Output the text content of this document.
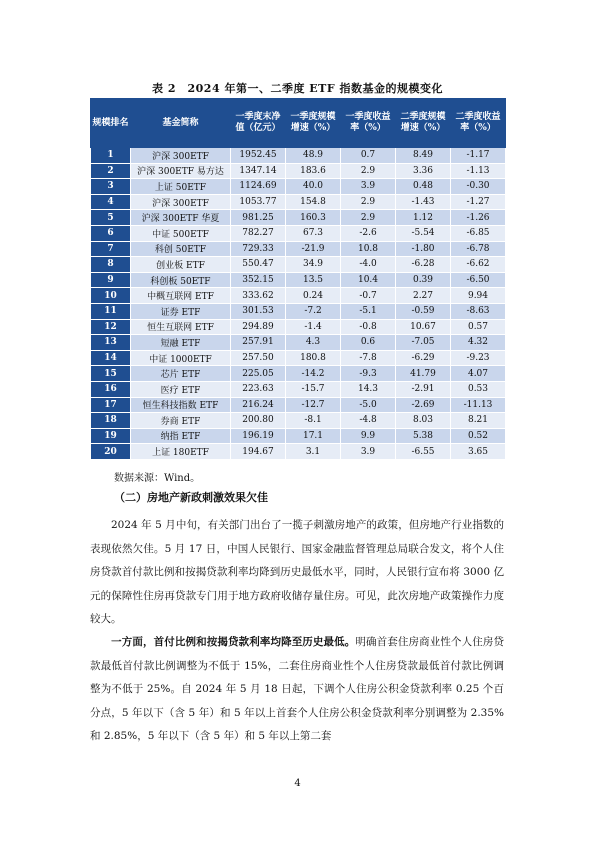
表 2　2024 年第一、二季度 ETF 指数基金的规模变化
规模排名	基金简称	一季度末净值（亿元）	一季度规模增速（%）	一季度收益率（%）	二季度规模增速（%）	二季度收益率（%）
1	沪深 300ETF	1952.45	48.9	0.7	8.49	-1.17
2	沪深 300ETF 易方达	1347.14	183.6	2.9	3.36	-1.13
3	上证 50ETF	1124.69	40.0	3.9	0.48	-0.30
4	沪深 300ETF	1053.77	154.8	2.9	-1.43	-1.27
5	沪深 300ETF 华夏	981.25	160.3	2.9	1.12	-1.26
6	中证 500ETF	782.27	67.3	-2.6	-5.54	-6.85
7	科创 50ETF	729.33	-21.9	10.8	-1.80	-6.78
8	创业板 ETF	550.47	34.9	-4.0	-6.28	-6.62
9	科创板 50ETF	352.15	13.5	10.4	0.39	-6.50
10	中概互联网 ETF	333.62	0.24	-0.7	2.27	9.94
11	证券 ETF	301.53	-7.2	-5.1	-0.59	-8.63
12	恒生互联网 ETF	294.89	-1.4	-0.8	10.67	0.57
13	短融 ETF	257.91	4.3	0.6	-7.05	4.32
14	中证 1000ETF	257.50	180.8	-7.8	-6.29	-9.23
15	芯片 ETF	225.05	-14.2	-9.3	41.79	4.07
16	医疗 ETF	223.63	-15.7	14.3	-2.91	0.53
17	恒生科技指数 ETF	216.24	-12.7	-5.0	-2.69	-11.13
18	券商 ETF	200.80	-8.1	-4.8	8.03	8.21
19	纳指 ETF	196.19	17.1	9.9	5.38	0.52
20	上证 180ETF	194.67	3.1	3.9	-6.55	3.65
数据来源：Wind。
（二）房地产新政刺激效果欠佳
2024 年 5 月中旬，有关部门出台了一揽子刺激房地产的政策，但房地产行业指数的表现依然欠佳。5 月 17 日，中国人民银行、国家金融监督管理总局联合发文，将个人住房贷款首付款比例和按揭贷款利率均降到历史最低水平，同时，人民银行宣布将 3000 亿元的保障性住房再贷款专门用于地方政府收储存量住房。可见，此次房地产政策操作力度较大。
一方面，首付比例和按揭贷款利率均降至历史最低。明确首套住房商业性个人住房贷款最低首付款比例调整为不低于 15%，二套住房商业性个人住房贷款最低首付款比例调整为不低于 25%。自 2024 年 5 月 18 日起，下调个人住房公积金贷款利率 0.25 个百分点，5 年以下（含 5 年）和 5 年以上首套个人住房公积金贷款利率分别调整为 2.35%和 2.85%，5 年以下（含 5 年）和 5 年以上第二套
4
